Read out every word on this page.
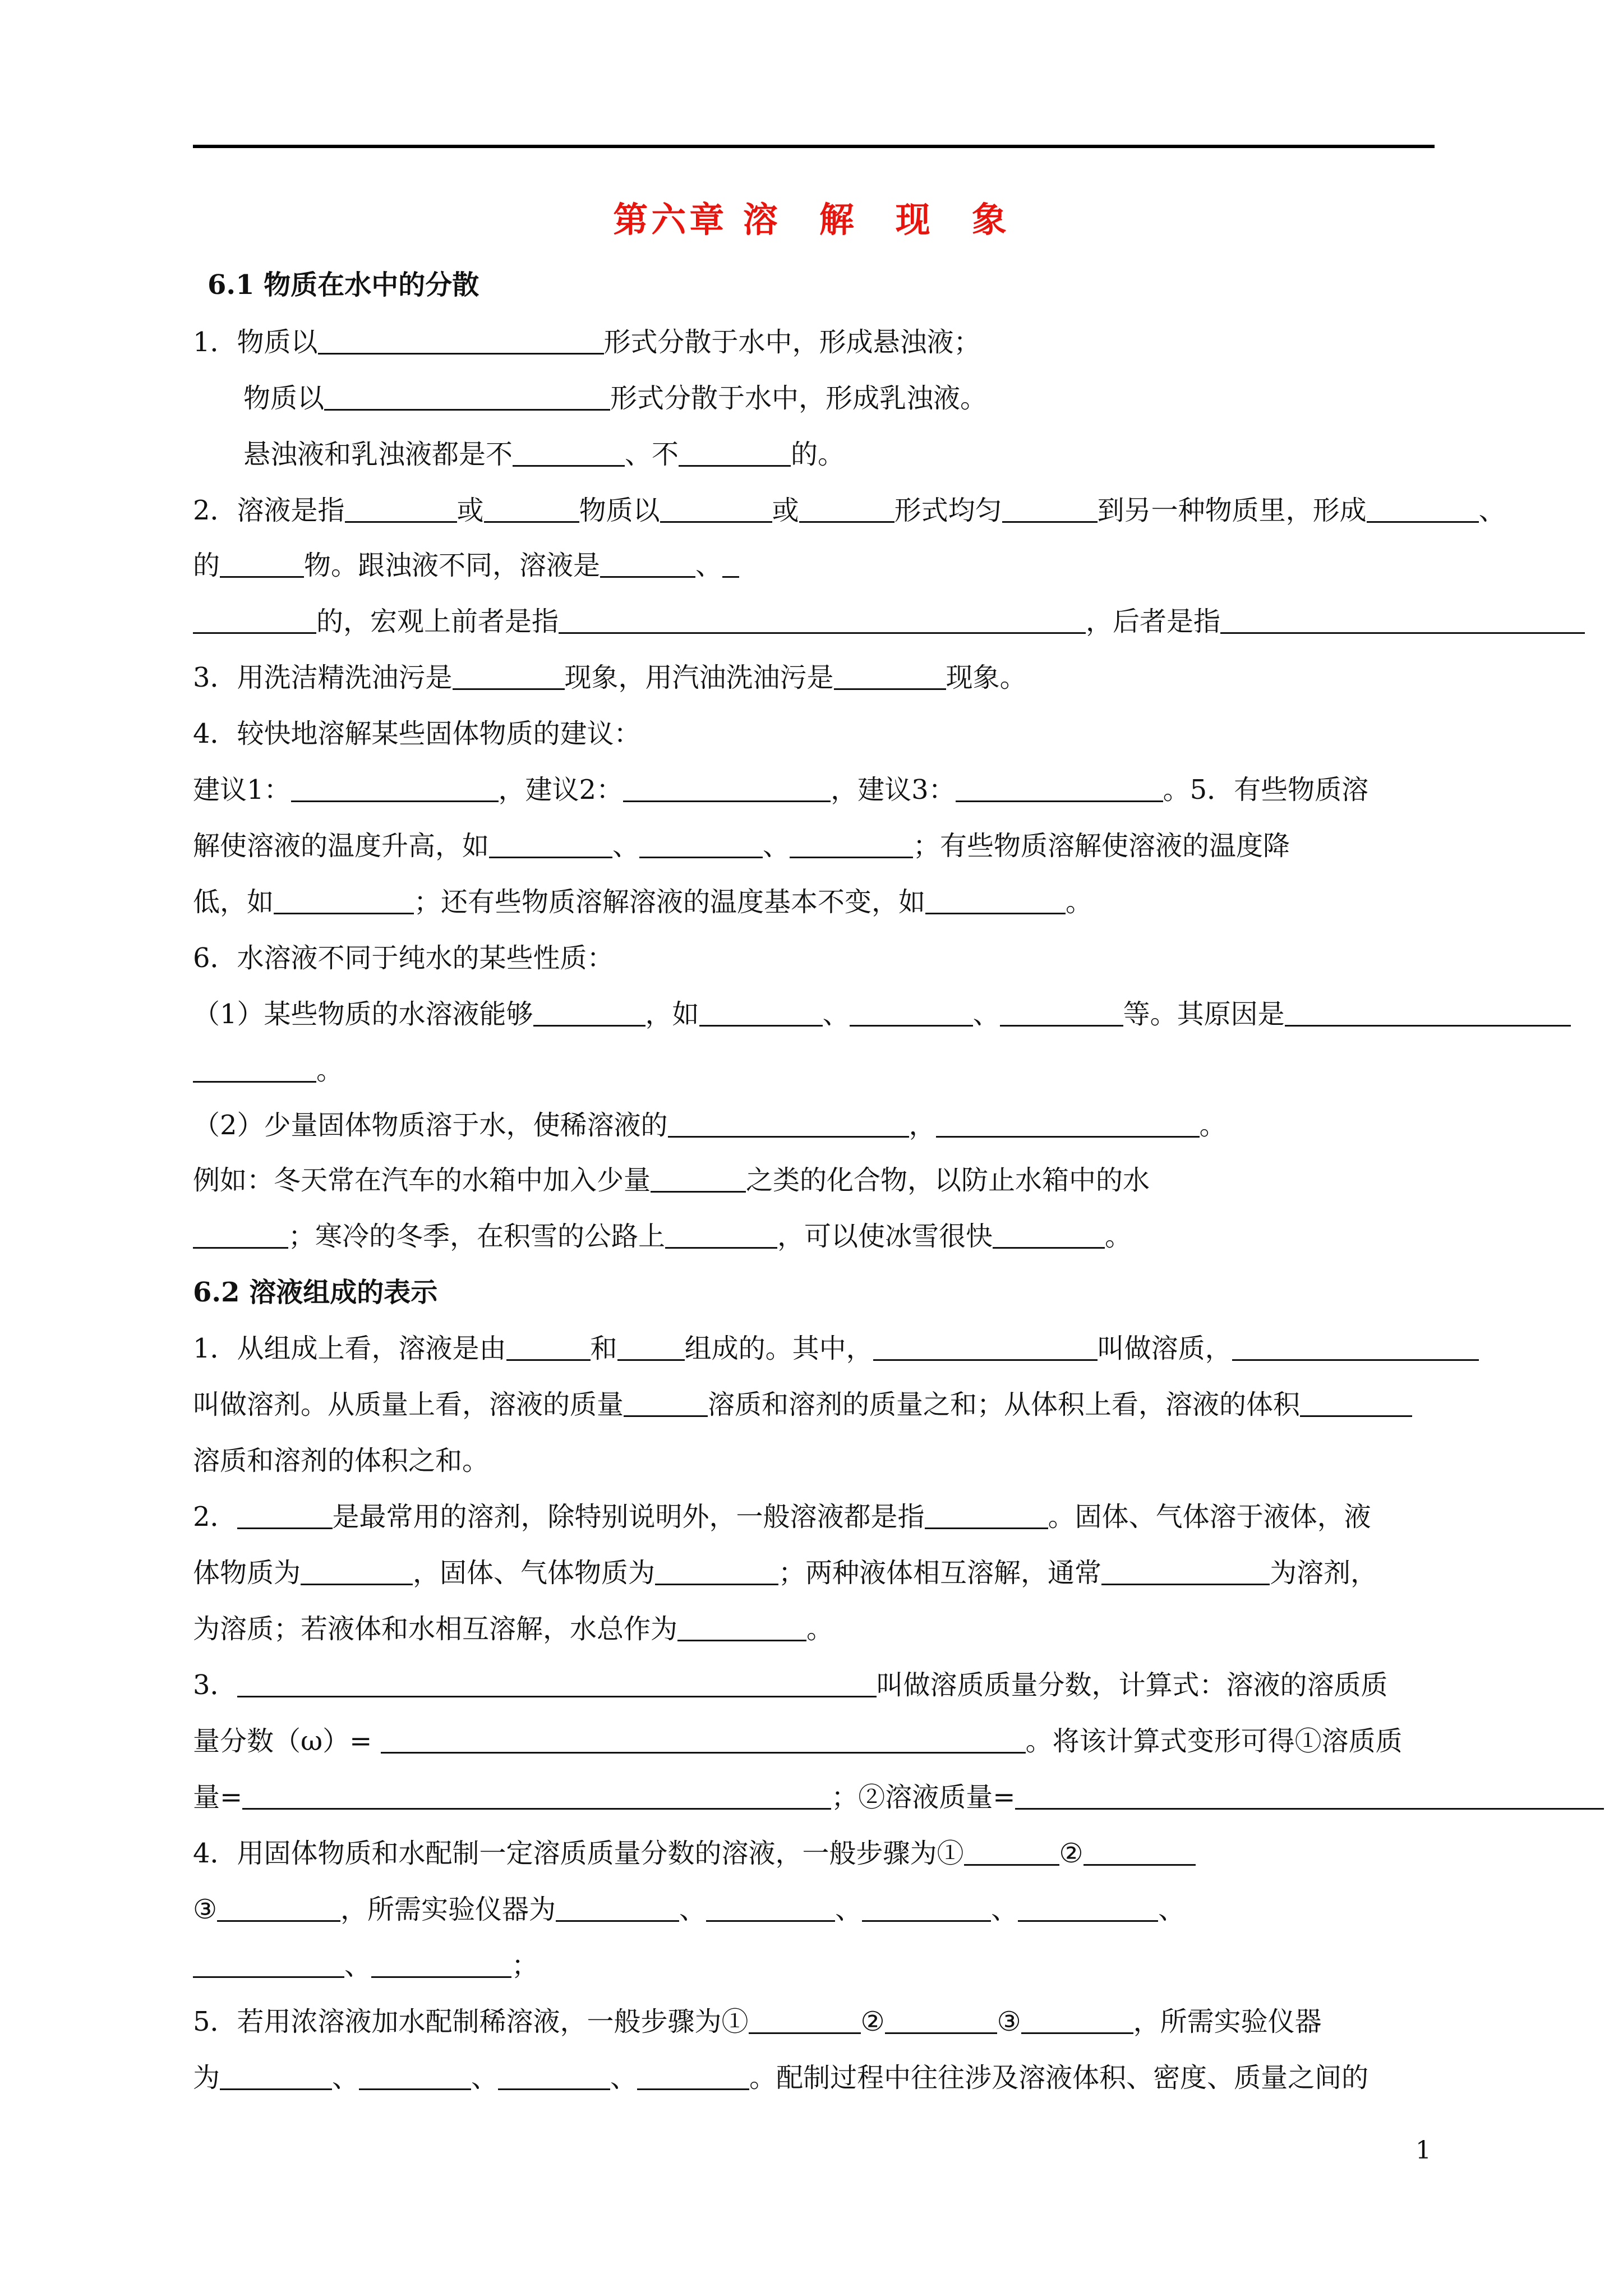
第六章 溶　解　现　象
6.1 物质在水中的分散
1．物质以	形式分散于水中，形成悬浊液；
物质以	形式分散于水中，形成乳浊液。
悬浊液和乳浊液都是不	、不	的。
2．溶液是指	或	物质以	或	形式均匀	到另一种物质里，形成	、
的	物。跟浊液不同，溶液是	、
的，宏观上前者是指	，后者是指
3．用洗洁精洗油污是	现象，用汽油洗油污是	现象。
4．较快地溶解某些固体物质的建议：
建议1：	，建议2：	，建议3：	。5．有些物质溶
解使溶液的温度升高，如	、	、	；有些物质溶解使溶液的温度降
低，如	；还有些物质溶解溶液的温度基本不变，如	。
6．水溶液不同于纯水的某些性质：
（1）某些物质的水溶液能够	，如	、	、	等。其原因是
。
（2）少量固体物质溶于水，使稀溶液的	，	。
例如：冬天常在汽车的水箱中加入少量	之类的化合物，以防止水箱中的水
；寒冷的冬季，在积雪的公路上	，可以使冰雪很快	。
6.2 溶液组成的表示
1．从组成上看，溶液是由	和	组成的。其中，	叫做溶质，
叫做溶剂。从质量上看，溶液的质量	溶质和溶剂的质量之和；从体积上看，溶液的体积
溶质和溶剂的体积之和。
2．	是最常用的溶剂，除特别说明外，一般溶液都是指	。固体、气体溶于液体，液
体物质为	，固体、气体物质为	；两种液体相互溶解，通常	为溶剂，
为溶质；若液体和水相互溶解，水总作为	。
3．	叫做溶质质量分数，计算式：溶液的溶质质
量分数（ω）=	。将该计算式变形可得①溶质质
量=	；②溶液质量=
4．用固体物质和水配制一定溶质质量分数的溶液，一般步骤为①	②
③	，所需实验仪器为	、	、	、	、
、	；
5．若用浓溶液加水配制稀溶液，一般步骤为①	②	③	，所需实验仪器
为	、	、	、	。配制过程中往往涉及溶液体积、密度、质量之间的
1
